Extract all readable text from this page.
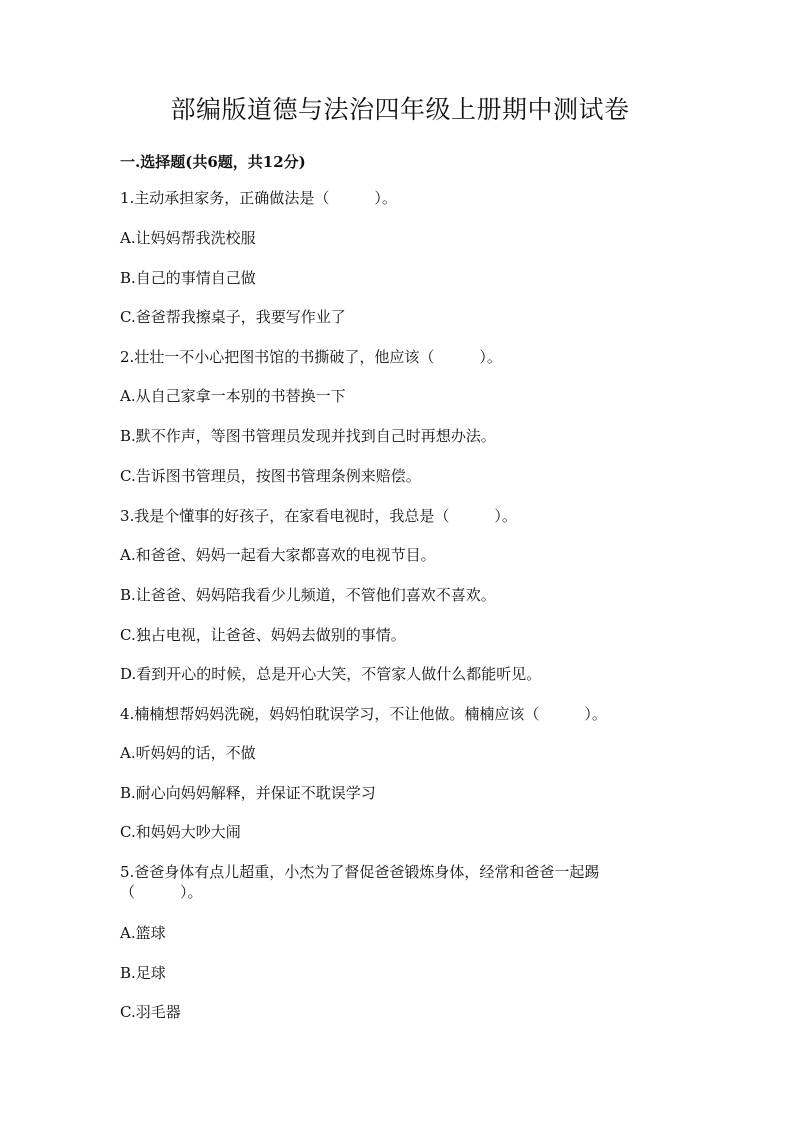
部编版道德与法治四年级上册期中测试卷

一.选择题(共6题，共12分)

1.主动承担家务，正确做法是（　　　）。

A.让妈妈帮我洗校服

B.自己的事情自己做

C.爸爸帮我擦桌子，我要写作业了

2.壮壮一不小心把图书馆的书撕破了，他应该（　　　）。

A.从自己家拿一本别的书替换一下

B.默不作声，等图书管理员发现并找到自己时再想办法。

C.告诉图书管理员，按图书管理条例来赔偿。

3.我是个懂事的好孩子，在家看电视时，我总是（　　　）。

A.和爸爸、妈妈一起看大家都喜欢的电视节目。

B.让爸爸、妈妈陪我看少儿频道，不管他们喜欢不喜欢。

C.独占电视，让爸爸、妈妈去做别的事情。

D.看到开心的时候，总是开心大笑，不管家人做什么都能听见。

4.楠楠想帮妈妈洗碗，妈妈怕耽误学习，不让他做。楠楠应该（　　　）。

A.听妈妈的话，不做

B.耐心向妈妈解释，并保证不耽误学习

C.和妈妈大吵大闹

5.爸爸身体有点儿超重，小杰为了督促爸爸锻炼身体，经常和爸爸一起踢（　　　）。

A.篮球

B.足球

C.羽毛器
